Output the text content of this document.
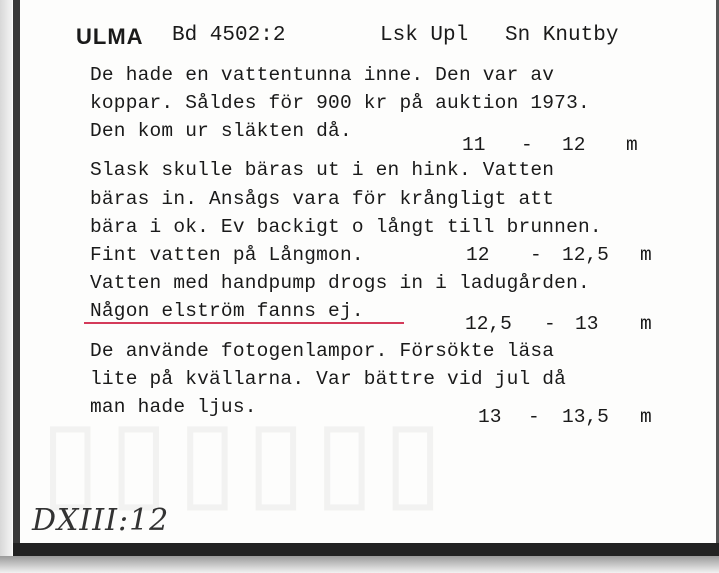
ULMA Bd 4502:2	Lsk Upl Sn Knutby
De hade en vattentunna inne. Den var av
koppar. Såldes för 900 kr på auktion 1973.
Den kom ur släkten då.
11 - 12 m
Slask skulle bäras ut i en hink. Vatten
bäras in. Ansågs vara för krångligt att
bära i ok. Ev backigt o långt till brunnen.
Fint vatten på Långmon.	12 - 12,5 m
Vatten med handpump drogs in i ladugården.
Någon elström fanns ej.
12,5 - 13 m
De använde fotogenlampor. Försökte läsa
lite på kvällarna. Var bättre vid jul då
man hade ljus.	13 - 13,5 m
DXIII:12
